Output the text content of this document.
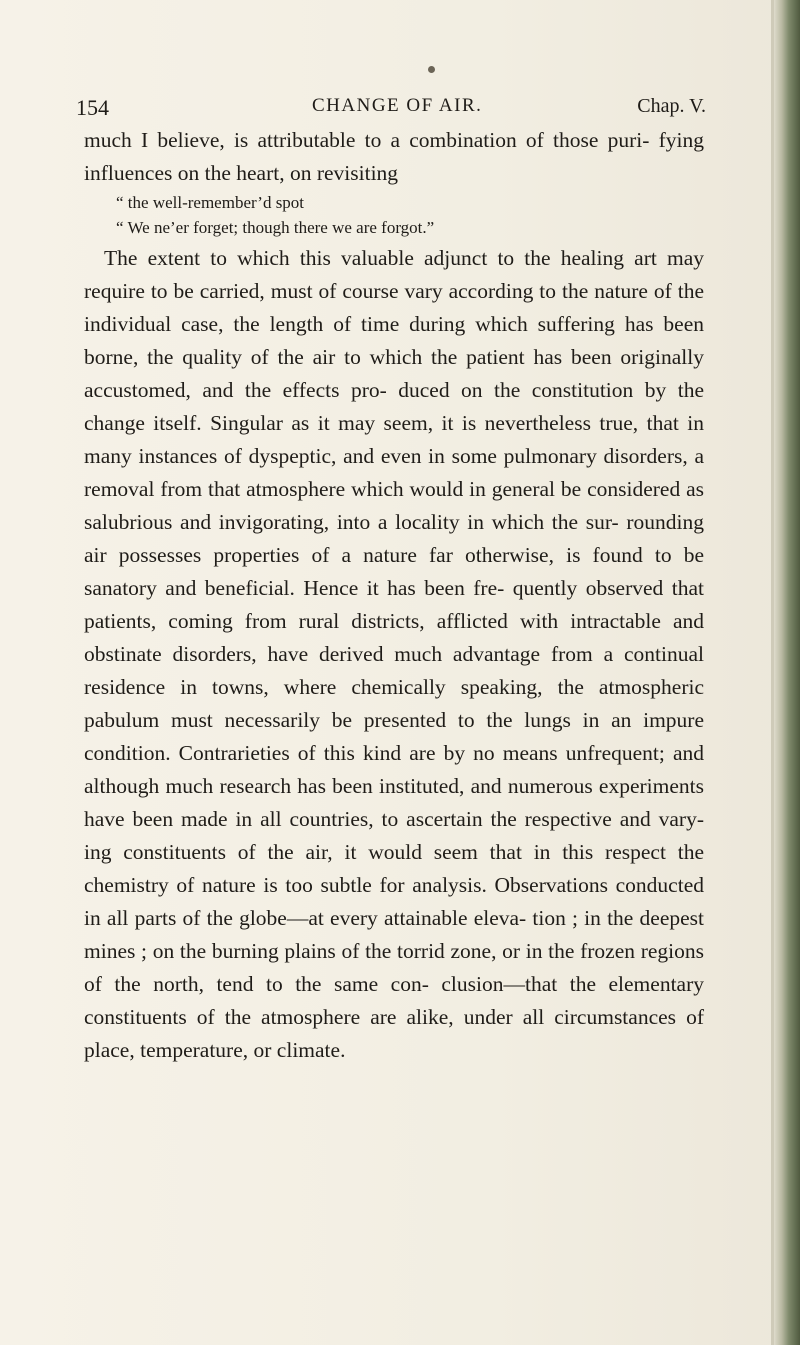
154	CHANGE OF AIR.	Chap. V.

much I believe, is attributable to a combination of those puri- fying influences on the heart, on revisiting

“ the well-remember’d spot
“ We ne’er forget; though there we are forgot.”

The extent to which this valuable adjunct to the healing art may require to be carried, must of course vary according to the nature of the individual case, the length of time during which suffering has been borne, the quality of the air to which the patient has been originally accustomed, and the effects pro- duced on the constitution by the change itself. Singular as it may seem, it is nevertheless true, that in many instances of dyspeptic, and even in some pulmonary disorders, a removal from that atmosphere which would in general be considered as salubrious and invigorating, into a locality in which the sur- rounding air possesses properties of a nature far otherwise, is found to be sanatory and beneficial. Hence it has been fre- quently observed that patients, coming from rural districts, afflicted with intractable and obstinate disorders, have derived much advantage from a continual residence in towns, where chemically speaking, the atmospheric pabulum must necessarily be presented to the lungs in an impure condition. Contrarieties of this kind are by no means unfrequent; and although much research has been instituted, and numerous experiments have been made in all countries, to ascertain the respective and vary- ing constituents of the air, it would seem that in this respect the chemistry of nature is too subtle for analysis. Observations conducted in all parts of the globe—at every attainable eleva- tion ; in the deepest mines ; on the burning plains of the torrid zone, or in the frozen regions of the north, tend to the same con- clusion—that the elementary constituents of the atmosphere are alike, under all circumstances of place, temperature, or climate.
